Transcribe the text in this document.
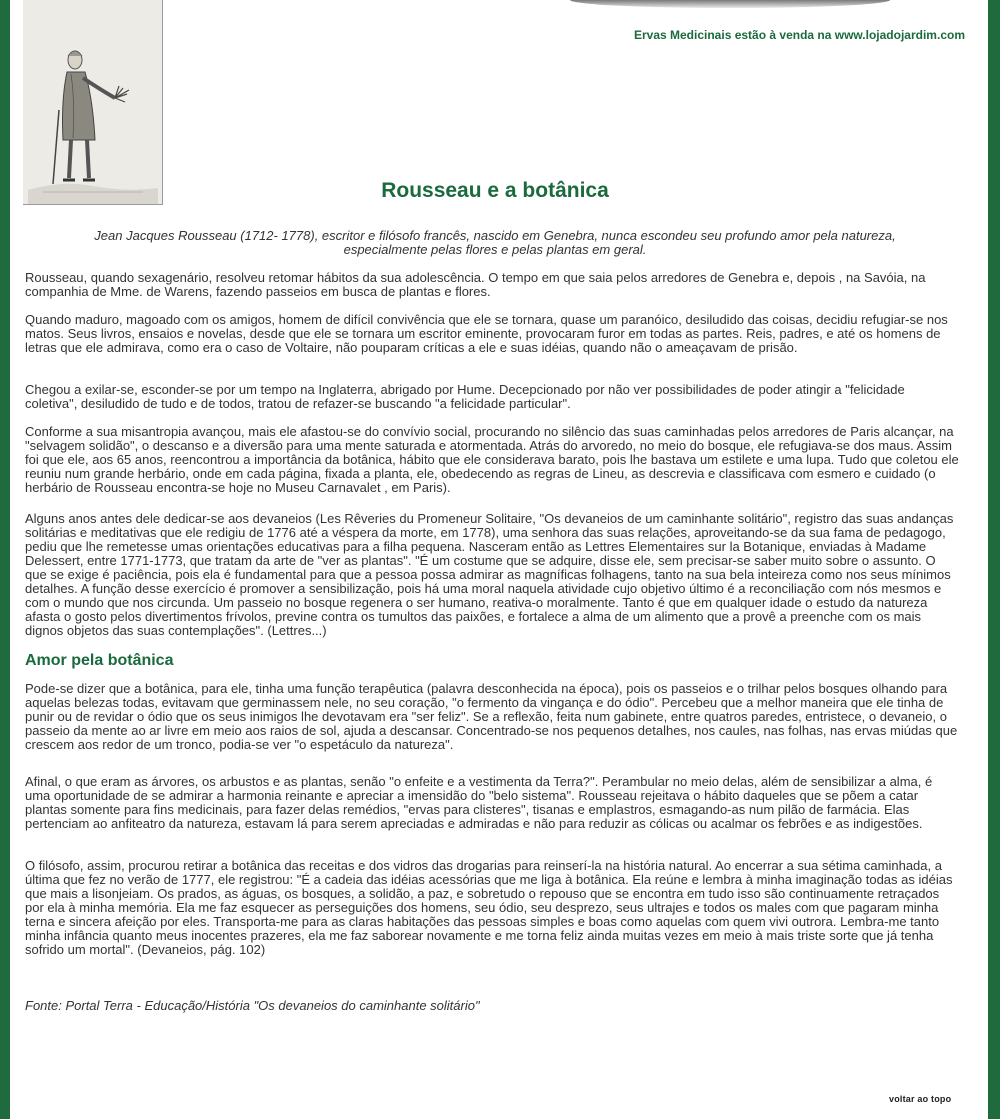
Ervas Medicinais estão à venda na www.lojadojardim.com
Rousseau e a botânica
Jean Jacques Rousseau (1712- 1778), escritor e filósofo francês, nascido em Genebra, nunca escondeu seu profundo amor pela natureza, especialmente pelas flores e pelas plantas em geral.
Rousseau, quando sexagenário, resolveu retomar hábitos da sua adolescência. O tempo em que saia pelos arredores de Genebra e, depois , na Savóia, na companhia de Mme. de Warens, fazendo passeios em busca de plantas e flores.
Quando maduro, magoado com os amigos, homem de difícil convivência que ele se tornara, quase um paranóico, desiludido das coisas, decidiu refugiar-se nos matos. Seus livros, ensaios e novelas, desde que ele se tornara um escritor eminente, provocaram furor em todas as partes. Reis, padres, e até os homens de letras que ele admirava, como era o caso de Voltaire, não pouparam críticas a ele e suas idéias, quando não o ameaçavam de prisão.
Chegou a exilar-se, esconder-se por um tempo na Inglaterra, abrigado por Hume. Decepcionado por não ver possibilidades de poder atingir a "felicidade coletiva", desiludido de tudo e de todos, tratou de refazer-se buscando "a felicidade particular".
Conforme a sua misantropia avançou, mais ele afastou-se do convívio social, procurando no silêncio das suas caminhadas pelos arredores de Paris alcançar, na "selvagem solidão", o descanso e a diversão para uma mente saturada e atormentada. Atrás do arvoredo, no meio do bosque, ele refugiava-se dos maus. Assim foi que ele, aos 65 anos, reencontrou a importância da botânica, hábito que ele considerava barato, pois lhe bastava um estilete e uma lupa. Tudo que coletou ele reuniu num grande herbário, onde em cada página, fixada a planta, ele, obedecendo as regras de Lineu, as descrevia e classificava com esmero e cuidado (o herbário de Rousseau encontra-se hoje no Museu Carnavalet , em Paris).
Alguns anos antes dele dedicar-se aos devaneios (Les Rêveries du Promeneur Solitaire, "Os devaneios de um caminhante solitário", registro das suas andanças solitárias e meditativas que ele redigiu de 1776 até a véspera da morte, em 1778), uma senhora das suas relações, aproveitando-se da sua fama de pedagogo, pediu que lhe remetesse umas orientações educativas para a filha pequena. Nasceram então as Lettres Elementaires sur la Botanique, enviadas à Madame Delessert, entre 1771-1773, que tratam da arte de "ver as plantas". "É um costume que se adquire, disse ele, sem precisar-se saber muito sobre o assunto. O que se exige é paciência, pois ela é fundamental para que a pessoa possa admirar as magníficas folhagens, tanto na sua bela inteireza como nos seus mínimos detalhes. A função desse exercício é promover a sensibilização, pois há uma moral naquela atividade cujo objetivo último é a reconciliação com nós mesmos e com o mundo que nos circunda. Um passeio no bosque regenera o ser humano, reativa-o moralmente. Tanto é que em qualquer idade o estudo da natureza afasta o gosto pelos divertimentos frívolos, previne contra os tumultos das paixões, e fortalece a alma de um alimento que a provê a preenche com os mais dignos objetos das suas contemplações". (Lettres...)
Amor pela botânica
Pode-se dizer que a botânica, para ele, tinha uma função terapêutica (palavra desconhecida na época), pois os passeios e o trilhar pelos bosques olhando para aquelas belezas todas, evitavam que germinassem nele, no seu coração, "o fermento da vingança e do ódio". Percebeu que a melhor maneira que ele tinha de punir ou de revidar o ódio que os seus inimigos lhe devotavam era "ser feliz". Se a reflexão, feita num gabinete, entre quatros paredes, entristece, o devaneio, o passeio da mente ao ar livre em meio aos raios de sol, ajuda a descansar. Concentrado-se nos pequenos detalhes, nos caules, nas folhas, nas ervas miúdas que crescem aos redor de um tronco, podia-se ver "o espetáculo da natureza".
Afinal, o que eram as árvores, os arbustos e as plantas, senão "o enfeite e a vestimenta da Terra?". Perambular no meio delas, além de sensibilizar a alma, é uma oportunidade de se admirar a harmonia reinante e apreciar a imensidão do "belo sistema". Rousseau rejeitava o hábito daqueles que se põem a catar plantas somente para fins medicinais, para fazer delas remédios, "ervas para clisteres", tisanas e emplastros, esmagando-as num pilão de farmácia. Elas pertenciam ao anfiteatro da natureza, estavam lá para serem apreciadas e admiradas e não para reduzir as cólicas ou acalmar os febrões e as indigestões.
O filósofo, assim, procurou retirar a botânica das receitas e dos vidros das drogarias para reinserí-la na história natural. Ao encerrar a sua sétima caminhada, a última que fez no verão de 1777, ele registrou: "É a cadeia das idéias acessórias que me liga à botânica. Ela reúne e lembra à minha imaginação todas as idéias que mais a lisonjeiam. Os prados, as águas, os bosques, a solidão, a paz, e sobretudo o repouso que se encontra em tudo isso são continuamente retraçados por ela à minha memória. Ela me faz esquecer as perseguições dos homens, seu ódio, seu desprezo, seus ultrajes e todos os males com que pagaram minha terna e sincera afeição por eles. Transporta-me para as claras habitações das pessoas simples e boas como aquelas com quem vivi outrora. Lembra-me tanto minha infância quanto meus inocentes prazeres, ela me faz saborear novamente e me torna feliz ainda muitas vezes em meio à mais triste sorte que já tenha sofrido um mortal". (Devaneios, pág. 102)
Fonte: Portal Terra - Educação/História "Os devaneios do caminhante solitário"
voltar ao topo
